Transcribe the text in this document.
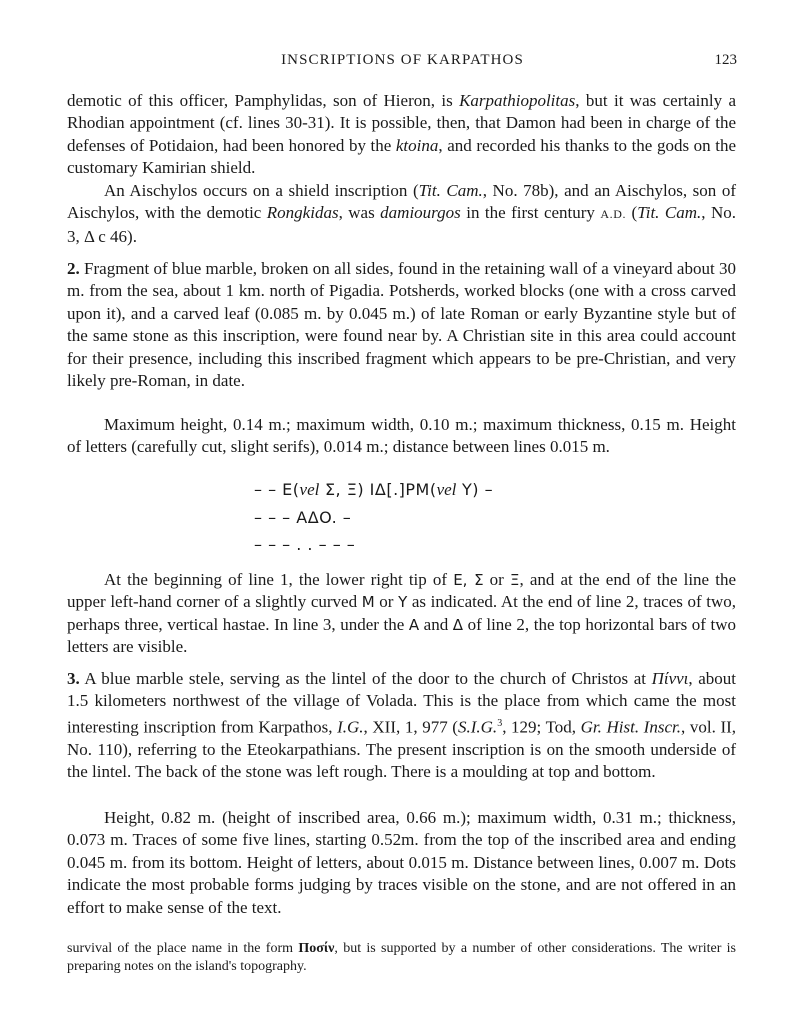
INSCRIPTIONS OF KARPATHOS	123

demotic of this officer, Pamphylidas, son of Hieron, is Karpathiopolitas, but it was certainly a Rhodian appointment (cf. lines 30-31). It is possible, then, that Damon had been in charge of the defenses of Potidaion, had been honored by the ktoina, and recorded his thanks to the gods on the customary Kamirian shield.

An Aischylos occurs on a shield inscription (Tit. Cam., No. 78b), and an Aischylos, son of Aischylos, with the demotic Rongkidas, was damiourgos in the first century A.D. (Tit. Cam., No. 3, Δ c 46).

2. Fragment of blue marble, broken on all sides, found in the retaining wall of a vineyard about 30 m. from the sea, about 1 km. north of Pigadia. Potsherds, worked blocks (one with a cross carved upon it), and a carved leaf (0.085 m. by 0.045 m.) of late Roman or early Byzantine style but of the same stone as this inscription, were found near by. A Christian site in this area could account for their presence, including this inscribed fragment which appears to be pre-Christian, and very likely pre-Roman, in date.

Maximum height, 0.14 m.; maximum width, 0.10 m.; maximum thickness, 0.15 m. Height of letters (carefully cut, slight serifs), 0.014 m.; distance between lines 0.015 m.

– – E(vel Σ, Ξ) IΔ[.]PM(vel Y) –
– – – AΔO. –
– – – . . – – –

At the beginning of line 1, the lower right tip of E, Σ or Ξ, and at the end of the line the upper left-hand corner of a slightly curved M or Y as indicated. At the end of line 2, traces of two, perhaps three, vertical hastae. In line 3, under the A and Δ of line 2, the top horizontal bars of two letters are visible.

3. A blue marble stele, serving as the lintel of the door to the church of Christos at Πίννι, about 1.5 kilometers northwest of the village of Volada. This is the place from which came the most interesting inscription from Karpathos, I.G., XII, 1, 977 (S.I.G.$^3$, 129; Tod, Gr. Hist. Inscr., vol. II, No. 110), referring to the Eteokarpathians. The present inscription is on the smooth underside of the lintel. The back of the stone was left rough. There is a moulding at top and bottom.

Height, 0.82 m. (height of inscribed area, 0.66 m.); maximum width, 0.31 m.; thickness, 0.073 m. Traces of some five lines, starting 0.52m. from the top of the inscribed area and ending 0.045 m. from its bottom. Height of letters, about 0.015 m. Distance between lines, 0.007 m. Dots indicate the most probable forms judging by traces visible on the stone, and are not offered in an effort to make sense of the text.

survival of the place name in the form Ποσίν, but is supported by a number of other considerations. The writer is preparing notes on the island's topography.
